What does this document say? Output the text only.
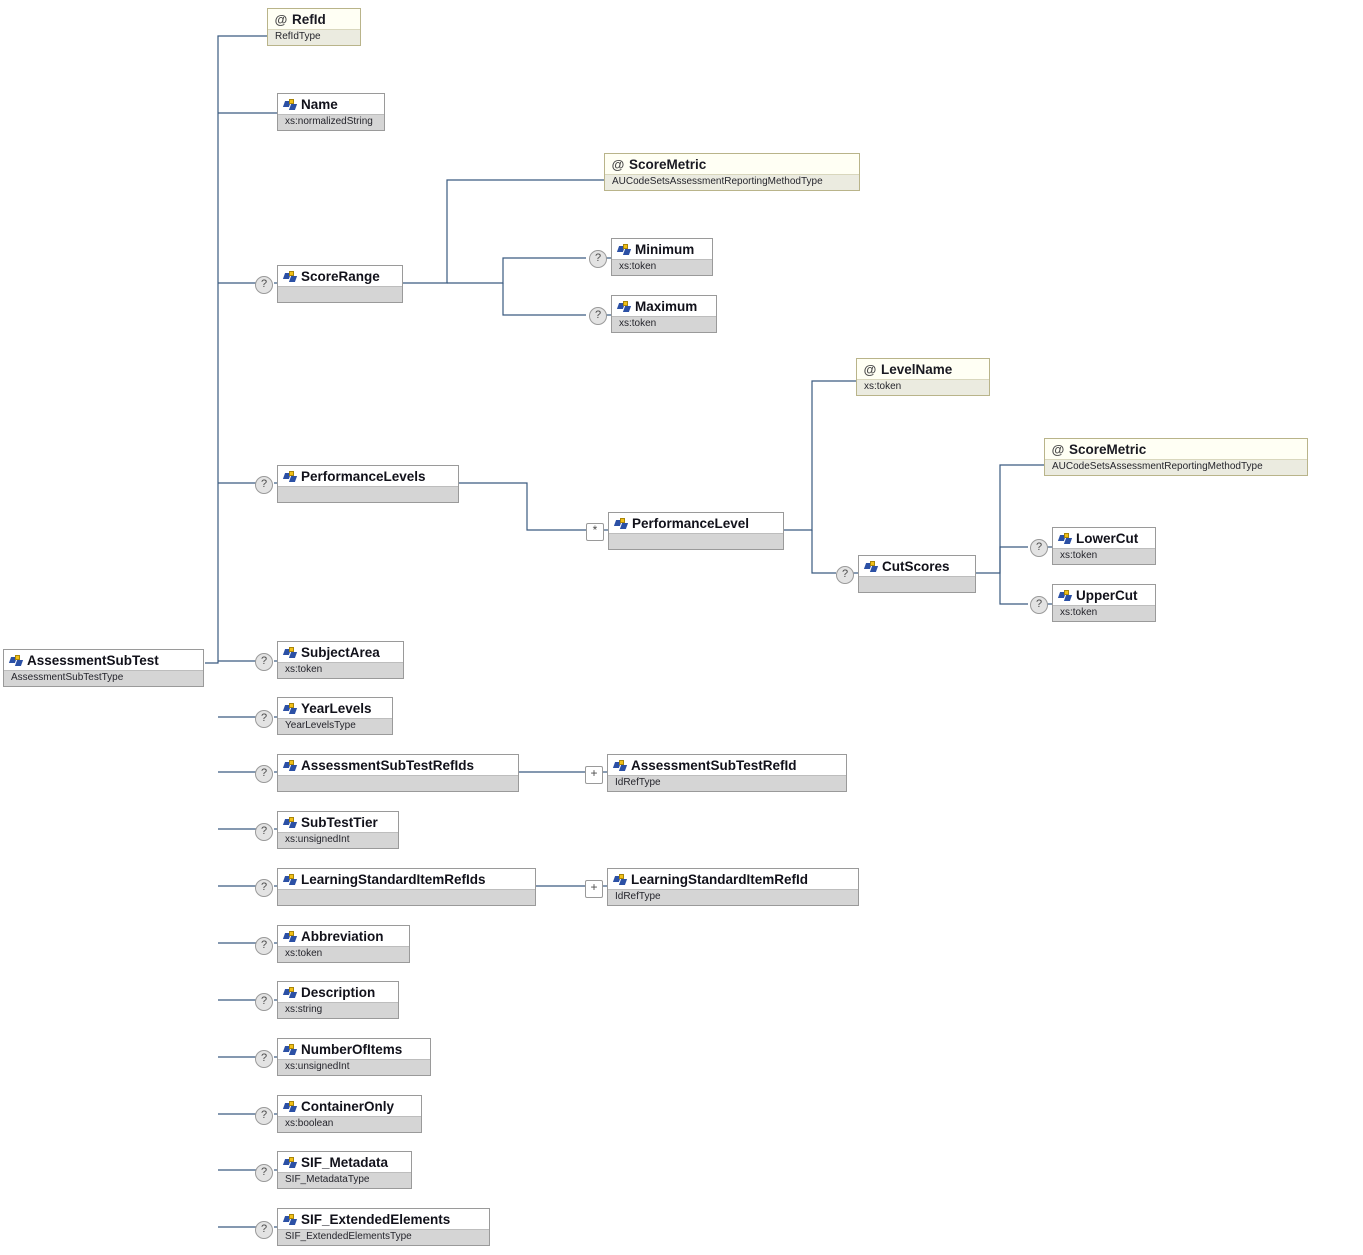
AssessmentSubTest
AssessmentSubTestType
@ RefId
RefIdType
Name
xs:normalizedString
?	ScoreRange

@ ScoreMetric
AUCodeSetsAssessmentReportingMethodType
?
Minimum
xs:token
?
Maximum
xs:token
?	PerformanceLevels

*	PerformanceLevel

@ LevelName
xs:token
?	CutScores

@ ScoreMetric
AUCodeSetsAssessmentReportingMethodType
?
LowerCut
xs:token
?
UpperCut
xs:token
?
SubjectArea
xs:token
?
YearLevels
YearLevelsType
?	AssessmentSubTestRefIds
	+	AssessmentSubTestRefId
IdRefType
?
SubTestTier
xs:unsignedInt
?	LearningStandardItemRefIds
	+	LearningStandardItemRefId
IdRefType
?
Abbreviation
xs:token
?
Description
xs:string
?
NumberOfItems
xs:unsignedInt
?
ContainerOnly
xs:boolean
?
SIF_Metadata
SIF_MetadataType
?
SIF_ExtendedElements
SIF_ExtendedElementsType
